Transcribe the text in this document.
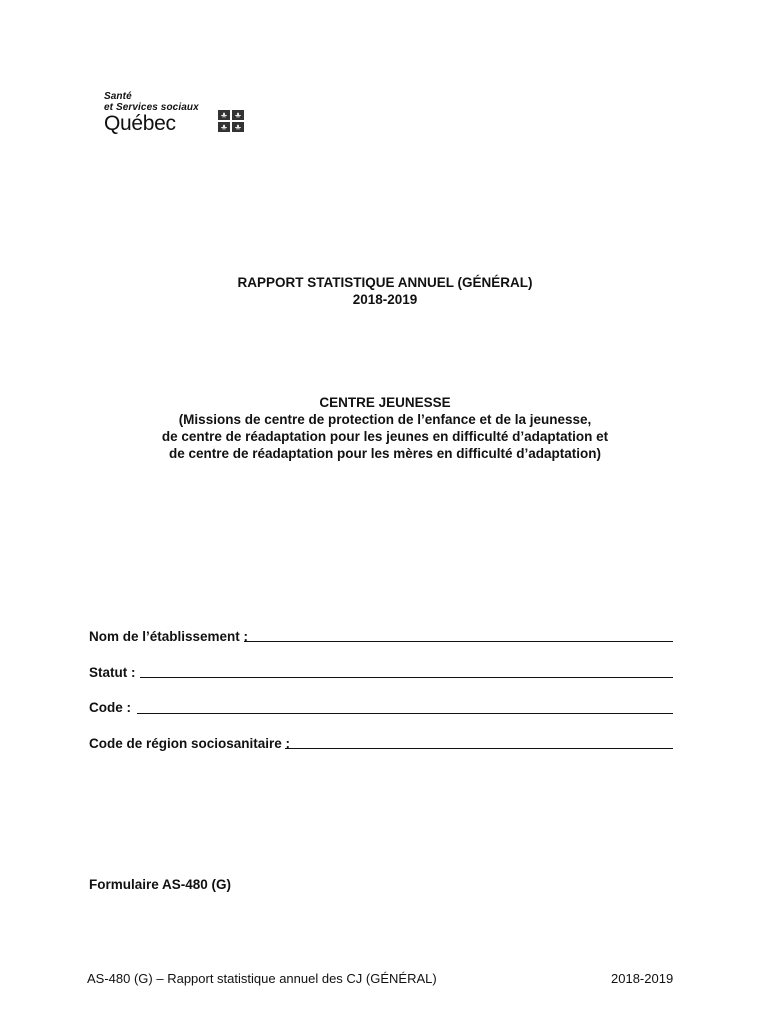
Santé
et Services sociaux
Québec
RAPPORT STATISTIQUE ANNUEL (GÉNÉRAL)
2018-2019
CENTRE JEUNESSE
(Missions de centre de protection de l’enfance et de la jeunesse,
de centre de réadaptation pour les jeunes en difficulté d’adaptation et
de centre de réadaptation pour les mères en difficulté d’adaptation)
Nom de l’établissement :
Statut :
Code :
Code de région sociosanitaire :
Formulaire AS-480 (G)
AS-480 (G) – Rapport statistique annuel des CJ (GÉNÉRAL)	2018-2019
